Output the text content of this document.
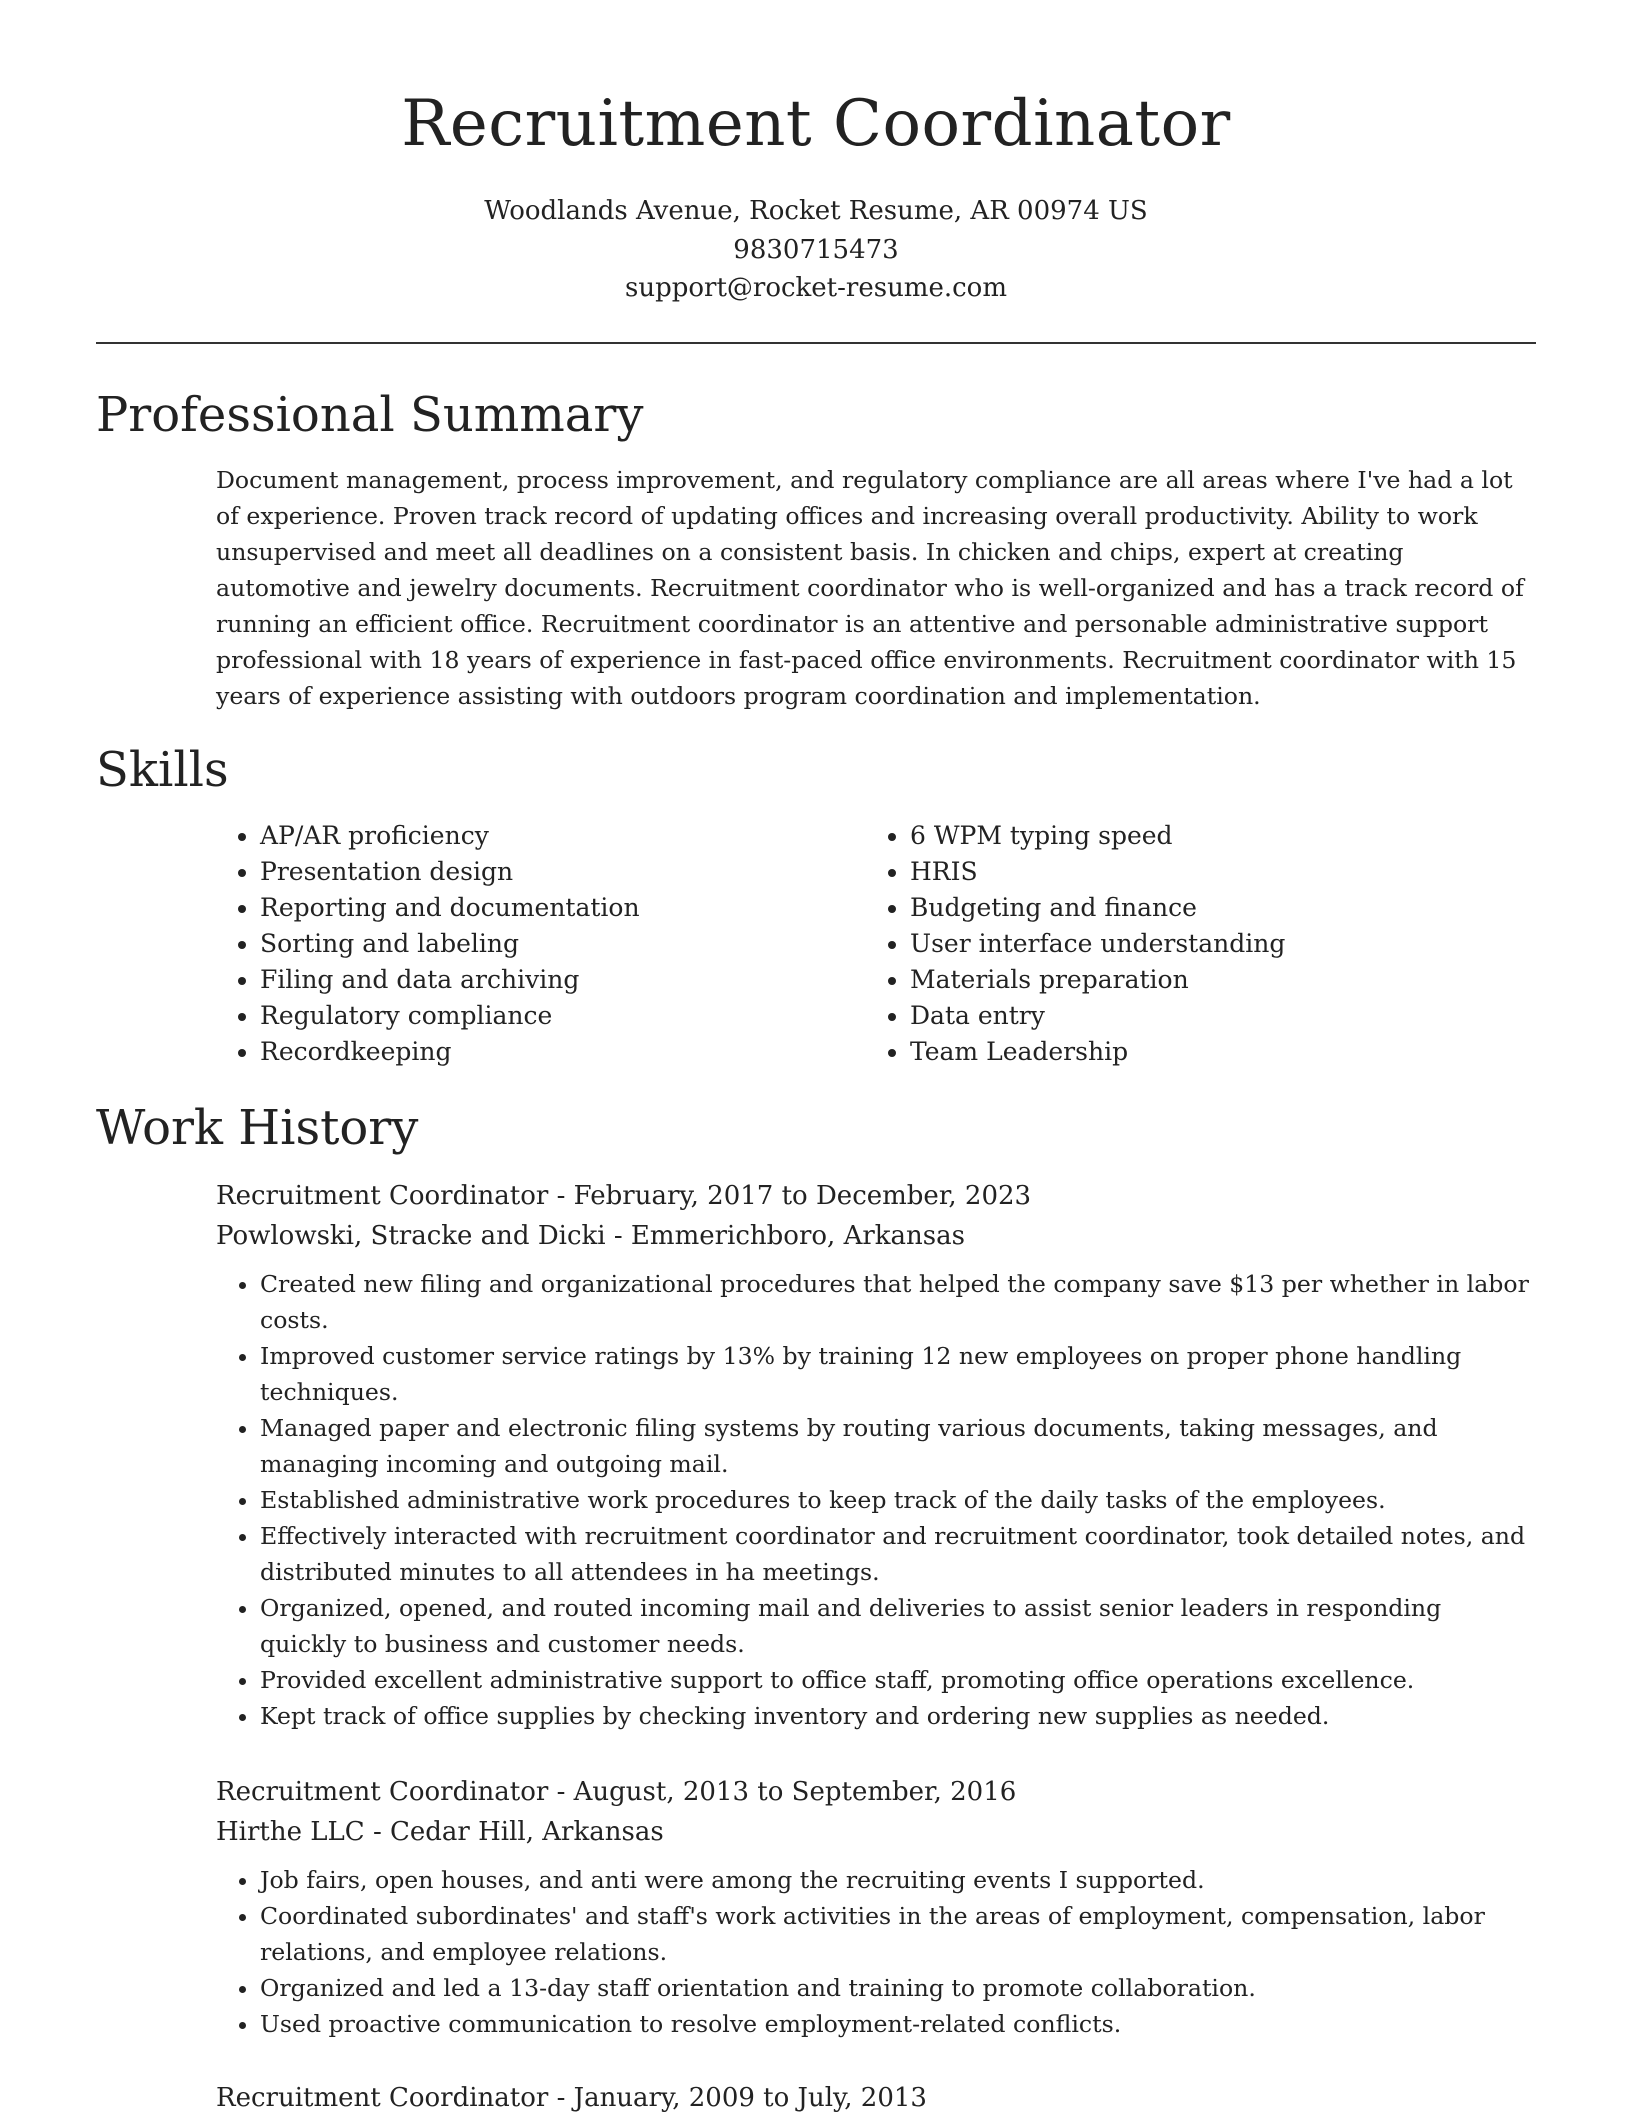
Recruitment Coordinator
Woodlands Avenue, Rocket Resume, AR 00974 US
9830715473
support@rocket-resume.com
Professional Summary

Document management, process improvement, and regulatory compliance are all areas where I've had a lot of experience. Proven track record of updating offices and increasing overall productivity. Ability to work unsupervised and meet all deadlines on a consistent basis. In chicken and chips, expert at creating automotive and jewelry documents. Recruitment coordinator who is well-organized and has a track record of running an efficient office. Recruitment coordinator is an attentive and personable administrative support professional with 18 years of experience in fast-paced office environments. Recruitment coordinator with 15 years of experience assisting with outdoors program coordination and implementation.

Skills
• AP/AR proficiency
• Presentation design
• Reporting and documentation
• Sorting and labeling
• Filing and data archiving
• Regulatory compliance
• Recordkeeping
• 6 WPM typing speed
• HRIS
• Budgeting and finance
• User interface understanding
• Materials preparation
• Data entry
• Team Leadership
Work History
Recruitment Coordinator - February, 2017 to December, 2023
Powlowski, Stracke and Dicki - Emmerichboro, Arkansas
• Created new filing and organizational procedures that helped the company save $13 per whether in labor costs.
• Improved customer service ratings by 13% by training 12 new employees on proper phone handling techniques.
• Managed paper and electronic filing systems by routing various documents, taking messages, and managing incoming and outgoing mail.
• Established administrative work procedures to keep track of the daily tasks of the employees.
• Effectively interacted with recruitment coordinator and recruitment coordinator, took detailed notes, and distributed minutes to all attendees in ha meetings.
• Organized, opened, and routed incoming mail and deliveries to assist senior leaders in responding quickly to business and customer needs.
• Provided excellent administrative support to office staff, promoting office operations excellence.
• Kept track of office supplies by checking inventory and ordering new supplies as needed.
Recruitment Coordinator - August, 2013 to September, 2016
Hirthe LLC - Cedar Hill, Arkansas
• Job fairs, open houses, and anti were among the recruiting events I supported.
• Coordinated subordinates' and staff's work activities in the areas of employment, compensation, labor relations, and employee relations.
• Organized and led a 13-day staff orientation and training to promote collaboration.
• Used proactive communication to resolve employment-related conflicts.
Recruitment Coordinator - January, 2009 to July, 2013
